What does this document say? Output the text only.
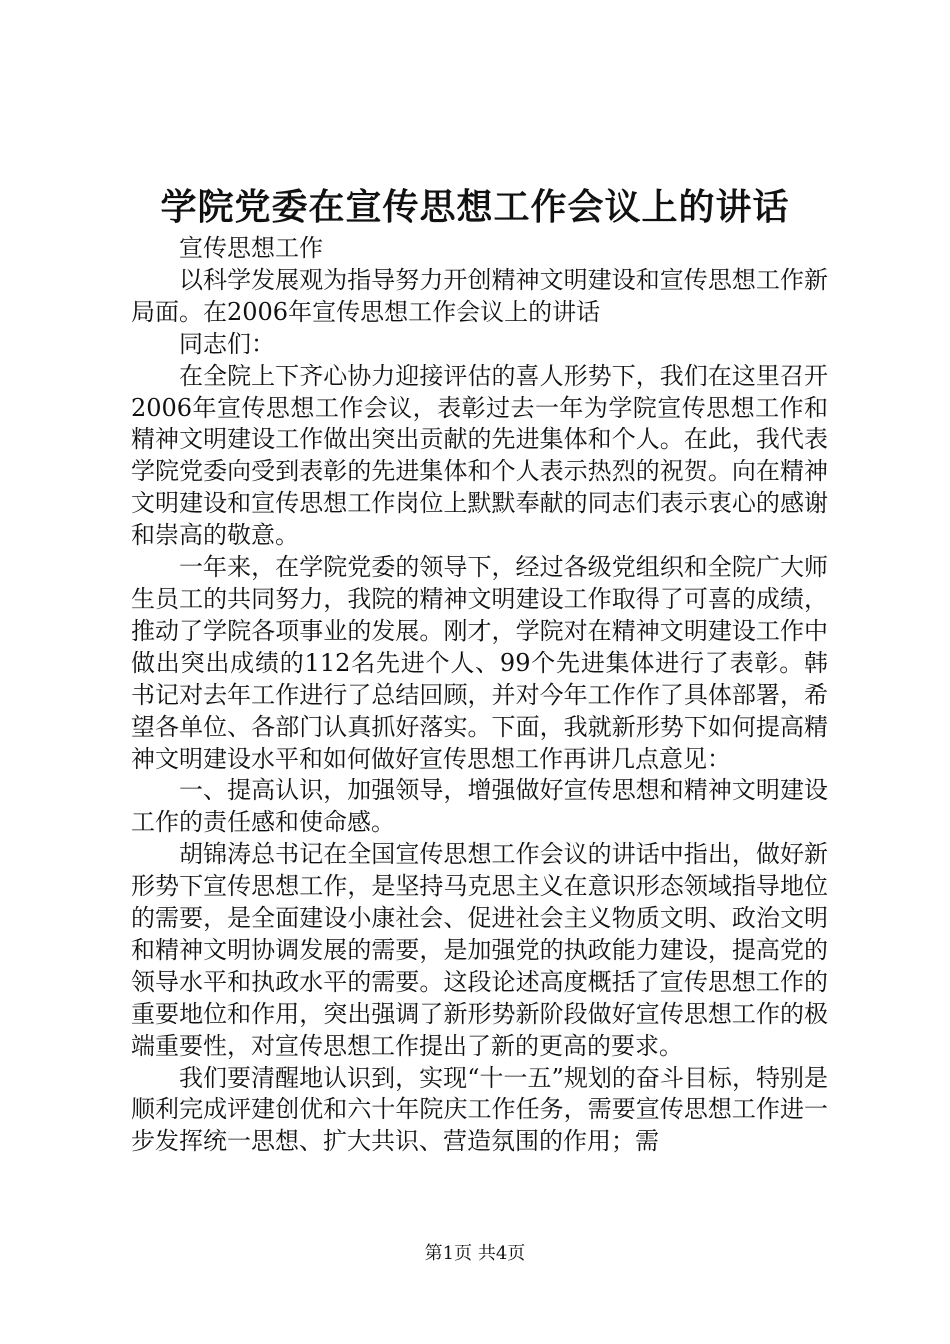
学院党委在宣传思想工作会议上的讲话

宣传思想工作

以科学发展观为指导努力开创精神文明建设和宣传思想工作新局面。在2006年宣传思想工作会议上的讲话

同志们：

在全院上下齐心协力迎接评估的喜人形势下，我们在这里召开2006年宣传思想工作会议，表彰过去一年为学院宣传思想工作和精神文明建设工作做出突出贡献的先进集体和个人。在此，我代表学院党委向受到表彰的先进集体和个人表示热烈的祝贺。向在精神文明建设和宣传思想工作岗位上默默奉献的同志们表示衷心的感谢和崇高的敬意。

一年来，在学院党委的领导下，经过各级党组织和全院广大师生员工的共同努力，我院的精神文明建设工作取得了可喜的成绩，推动了学院各项事业的发展。刚才，学院对在精神文明建设工作中做出突出成绩的112名先进个人、99个先进集体进行了表彰。韩书记对去年工作进行了总结回顾，并对今年工作作了具体部署，希望各单位、各部门认真抓好落实。下面，我就新形势下如何提高精神文明建设水平和如何做好宣传思想工作再讲几点意见：

一、提高认识，加强领导，增强做好宣传思想和精神文明建设工作的责任感和使命感。

胡锦涛总书记在全国宣传思想工作会议的讲话中指出，做好新形势下宣传思想工作，是坚持马克思主义在意识形态领域指导地位的需要，是全面建设小康社会、促进社会主义物质文明、政治文明和精神文明协调发展的需要，是加强党的执政能力建设，提高党的领导水平和执政水平的需要。这段论述高度概括了宣传思想工作的重要地位和作用，突出强调了新形势新阶段做好宣传思想工作的极端重要性，对宣传思想工作提出了新的更高的要求。

我们要清醒地认识到，实现“十一五”规划的奋斗目标，特别是顺利完成评建创优和六十年院庆工作任务，需要宣传思想工作进一步发挥统一思想、扩大共识、营造氛围的作用；需

第1页 共4页
